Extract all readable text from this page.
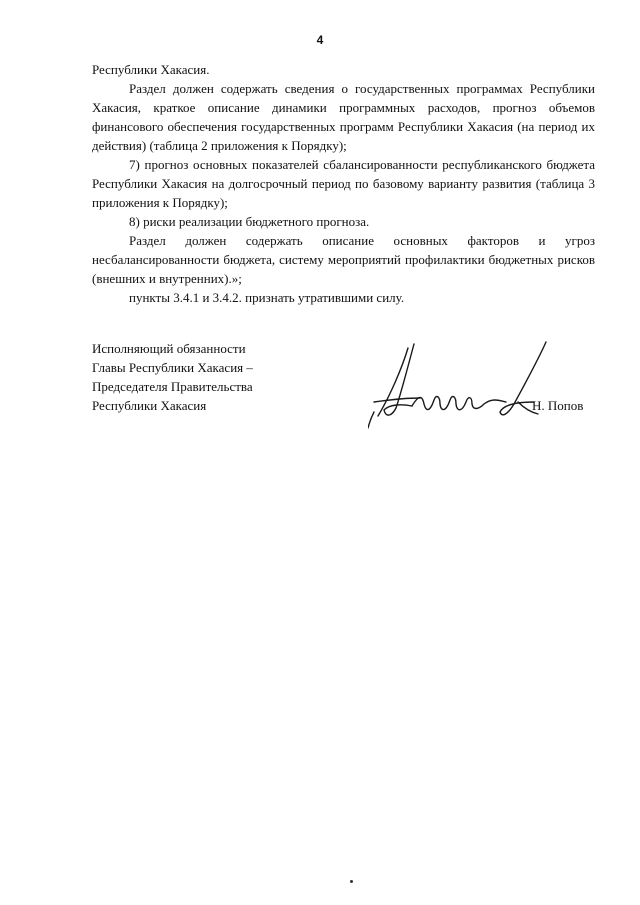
4

Республики Хакасия.

Раздел должен содержать сведения о государственных программах Республики Хакасия, краткое описание динамики программных расходов, прогноз объемов финансового обеспечения государственных программ Республики Хакасия (на период их действия) (таблица 2 приложения к Порядку);

7) прогноз основных показателей сбалансированности республиканского бюджета Республики Хакасия на долгосрочный период по базовому варианту развития (таблица 3 приложения к Порядку);

8) риски реализации бюджетного прогноза.

Раздел должен содержать описание основных факторов и угроз несбалансированности бюджета, систему мероприятий профилактики бюджетных рисков (внешних и внутренних).»;

пункты 3.4.1 и 3.4.2. признать утратившими силу.

Исполняющий обязанности
Главы Республики Хакасия –
Председателя Правительства
Республики Хакасия	Н. Попов
